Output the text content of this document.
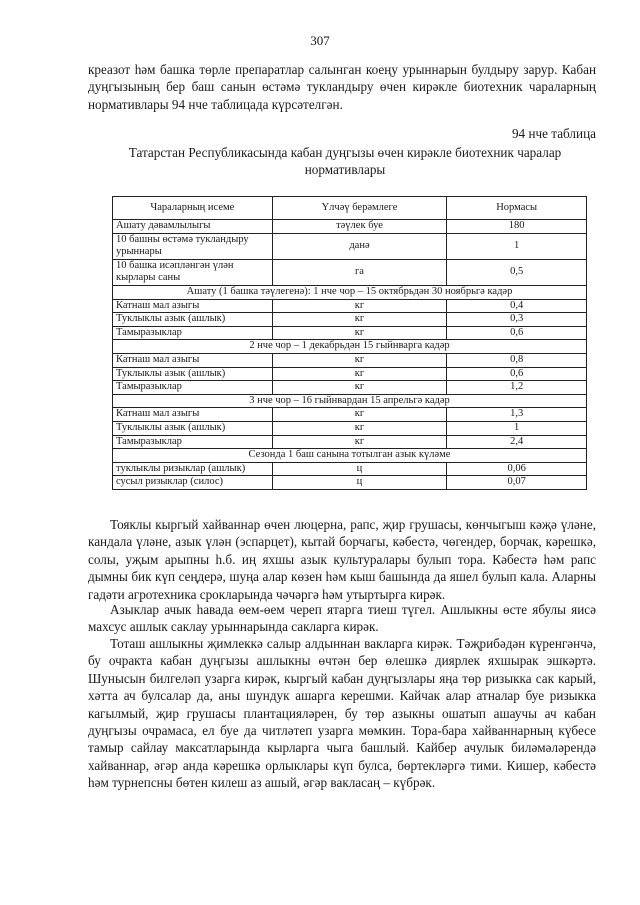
307

креазот һәм башка төрле препаратлар салынган коеңу урыннарын булдыру зарур. Кабан дуңгызының бер баш санын өстәмә тукландыру өчен кирәкле биотехник чараларның нормативлары 94 нче таблицада күрсәтелгән.

94 нче таблица
Татарстан Республикасында кабан дуңгызы өчен кирәкле биотехник чаралар нормативлары
Чараларның исеме	Үлчәү берәмлеге	Нормасы
Ашату дәвамлылыгы	тәүлек буе	180
10 башны өстәмә тукландыру урыннары	данә	1
10 башка исәпләнгән үлән кырлары саны	га	0,5
Ашату (1 башка тәүлегенә): 1 нче чор – 15 октябрьдән 30 ноябрьгә кадәр		
Катнаш мал азыгы	кг	0,4
Туклыклы азык (ашлык)	кг	0,3
Тамыразыклар	кг	0,6
2 нче чор – 1 декабрьдән 15 гыйнварга кадәр		
Катнаш мал азыгы	кг	0,8
Туклыклы азык (ашлык)	кг	0,6
Тамыразыклар	кг	1,2
3 нче чор – 16 гыйнвардан 15 апрельгә кадәр		
Катнаш мал азыгы	кг	1,3
Туклыклы азык (ашлык)	кг	1
Тамыразыклар	кг	2,4
Сезонда 1 баш санына тотылган азык күләме		
туклыклы ризыклар (ашлык)	ц	0,06
сусыл ризыклар (силос)	ц	0,07

Тояклы кыргый хайваннар өчен люцерна, рапс, җир грушасы, көнчыгыш кәҗә үләне, кандала үләне, азык үлән (эспарцет), кытай борчагы, кәбестә, чөгендер, борчак, кәрешкә, солы, уҗым арыпны һ.б. иң яхшы азык культуралары булып тора. Кәбестә һәм рапс дымны бик күп сеңдерә, шуңа алар көзен һәм кыш башында да яшел булып кала. Аларны гадәти агротехника срокларында чәчәргә һәм утыртырга кирәк.

Азыклар ачык һавада өем-өем череп ятарга тиеш түгел. Ашлыкны өсте ябулы яисә махсус ашлык саклау урыннарында сакларга кирәк.

Тоташ ашлыкны җимлеккә салыр алдыннан вакларга кирәк. Тәҗрибәдән күренгәнчә, бу очракта кабан дуңгызы ашлыкны өчтән бер өлешкә диярлек яхшырак эшкәртә. Шунысын билгеләп узарга кирәк, кыргый кабан дуңгызлары яңа төр ризыкка сак карый, хәтта ач булсалар да, аны шундук ашарга керешми. Кайчак алар атналар буе ризыкка кагылмый, җир грушасы плантацияләрен, бу төр азыкны ошатып ашаучы ач кабан дуңгызы очрамаса, ел буе да читләтеп узарга мөмкин. Тора-бара хайваннарның күбесе тамыр сайлау максатларында кырларга чыга башлый. Кайбер ачулык биләмәләрендә хайваннар, әгәр анда кәрешкә орлыклары күп булса, бөртекләргә тими. Кишер, кәбестә һәм турнепсны бөтен килеш аз ашый, әгәр вакласаң – күбрәк.
